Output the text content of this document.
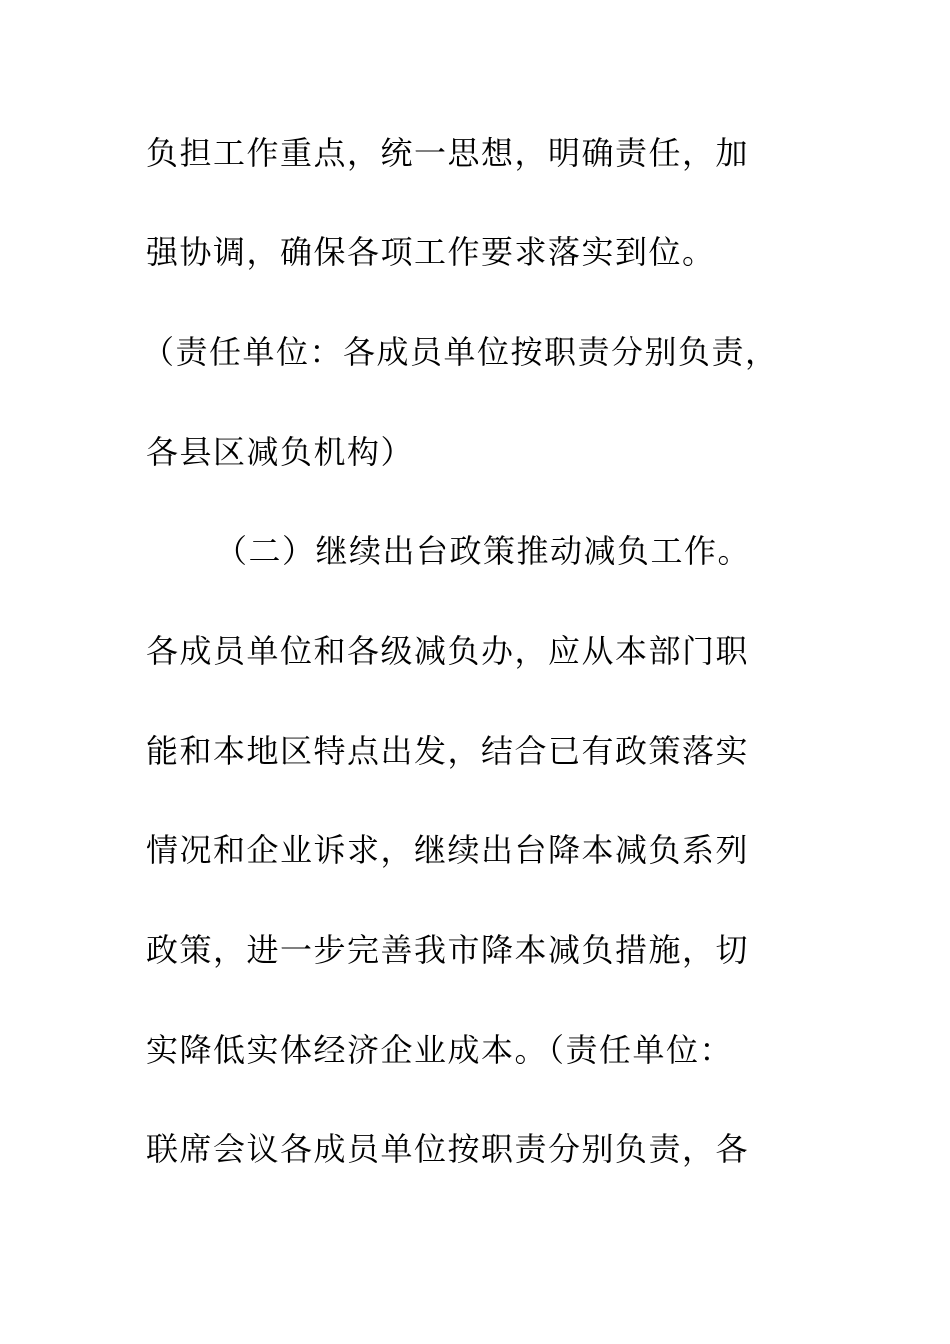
负担工作重点，统一思想，明确责任，加
强协调，确保各项工作要求落实到位。
（责任单位：各成员单位按职责分别负责，
各县区减负机构）
（二）继续出台政策推动减负工作。
各成员单位和各级减负办，应从本部门职
能和本地区特点出发，结合已有政策落实
情况和企业诉求，继续出台降本减负系列
政策，进一步完善我市降本减负措施，切
实降低实体经济企业成本。（责任单位：
联席会议各成员单位按职责分别负责，各
